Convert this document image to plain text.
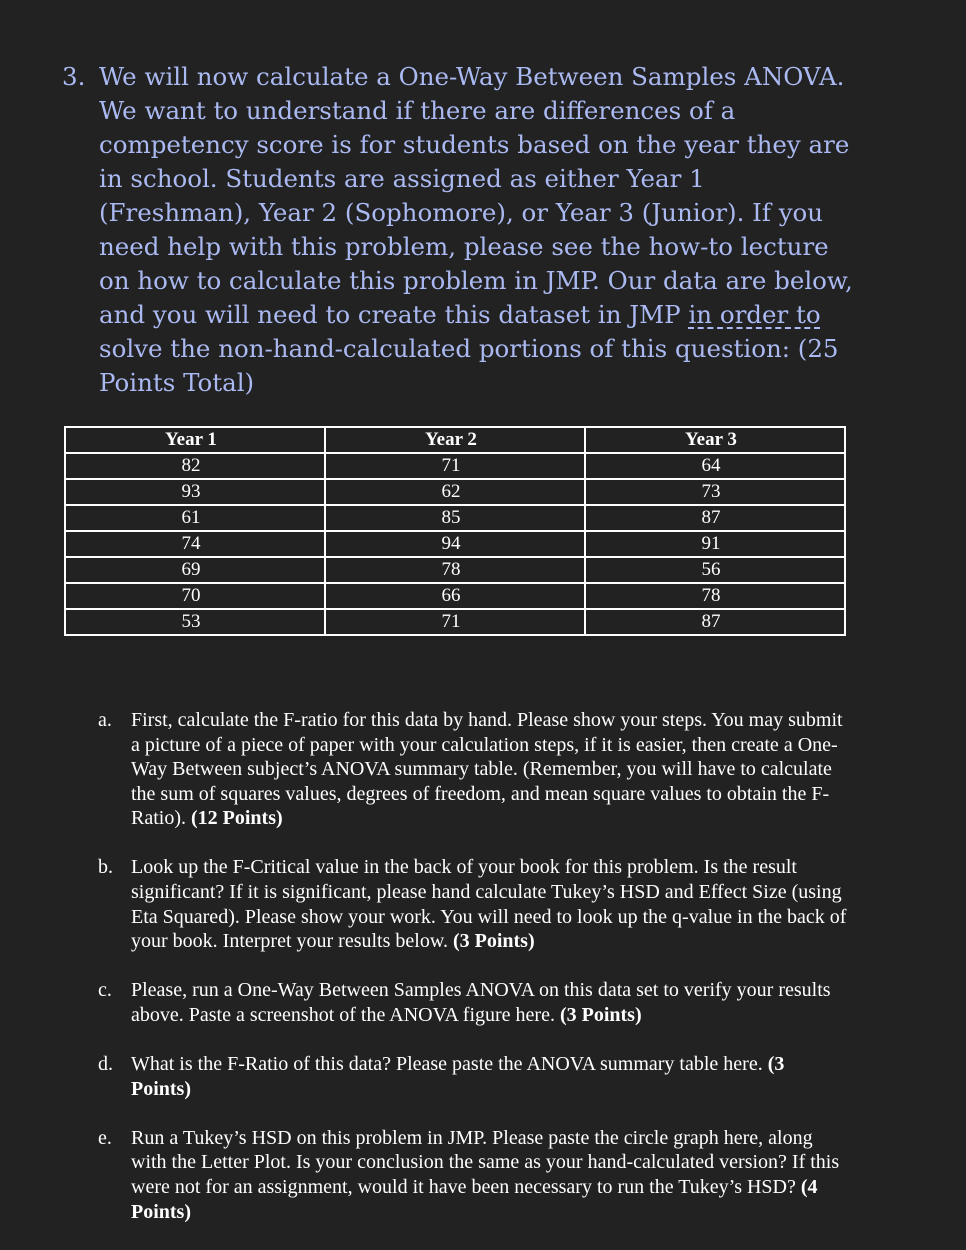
3. We will now calculate a One-Way Between Samples ANOVA.
We want to understand if there are differences of a
competency score is for students based on the year they are
in school. Students are assigned as either Year 1
(Freshman), Year 2 (Sophomore), or Year 3 (Junior). If you
need help with this problem, please see the how-to lecture
on how to calculate this problem in JMP. Our data are below,
and you will need to create this dataset in JMP in order to
solve the non-hand-calculated portions of this question: (25
Points Total)
Year 1	Year 2	Year 3
82	71	64
93	62	73
61	85	87
74	94	91
69	78	56
70	66	78
53	71	87
a. First, calculate the F-ratio for this data by hand. Please show your steps. You may submit a picture of a piece of paper with your calculation steps, if it is easier, then create a One-Way Between subject’s ANOVA summary table. (Remember, you will have to calculate the sum of squares values, degrees of freedom, and mean square values to obtain the F-Ratio). (12 Points)
b. Look up the F-Critical value in the back of your book for this problem. Is the result significant? If it is significant, please hand calculate Tukey’s HSD and Effect Size (using Eta Squared). Please show your work. You will need to look up the q-value in the back of your book. Interpret your results below. (3 Points)
c. Please, run a One-Way Between Samples ANOVA on this data set to verify your results above. Paste a screenshot of the ANOVA figure here. (3 Points)
d. What is the F-Ratio of this data? Please paste the ANOVA summary table here. (3 Points)
e. Run a Tukey’s HSD on this problem in JMP. Please paste the circle graph here, along with the Letter Plot. Is your conclusion the same as your hand-calculated version? If this were not for an assignment, would it have been necessary to run the Tukey’s HSD? (4 Points)
